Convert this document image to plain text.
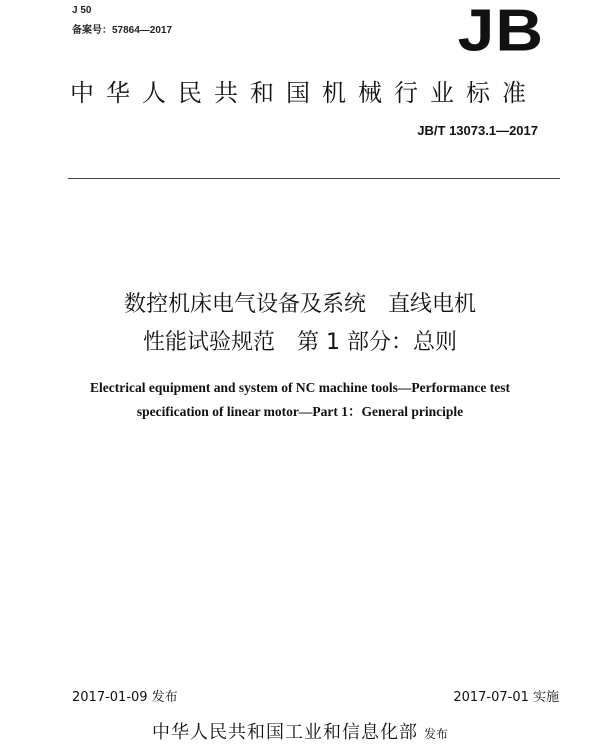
J 50
备案号：57864—2017	JB
中华人民共和国机械行业标准
JB/T 13073.1—2017
数控机床电气设备及系统　直线电机
性能试验规范　第 1 部分：总则
Electrical equipment and system of NC machine tools—Performance test
specification of linear motor—Part 1：General principle
2017-01-09 发布	2017-07-01 实施
中华人民共和国工业和信息化部 发布
